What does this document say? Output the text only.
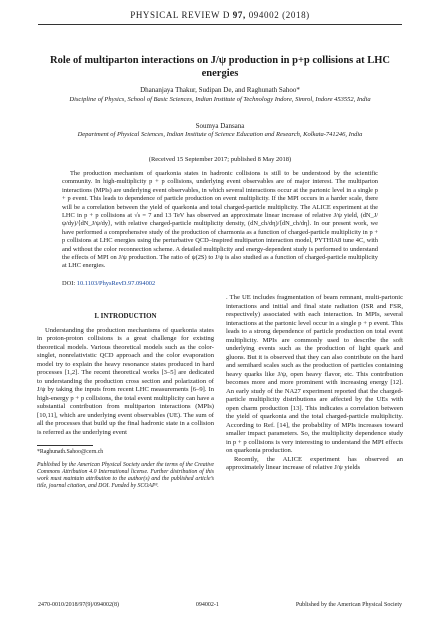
PHYSICAL REVIEW D 97, 094002 (2018)
Role of multiparton interactions on J/ψ production in p+p collisions at LHC energies
Dhananjaya Thakur, Sudipan De, and Raghunath Sahoo*
Discipline of Physics, School of Basic Sciences, Indian Institute of Technology Indore, Simrol, Indore 453552, India
Soumya Dansana
Department of Physical Sciences, Indian Institute of Science Education and Research, Kolkata-741246, India
(Received 15 September 2017; published 8 May 2018)
The production mechanism of quarkonia states in hadronic collisions is still to be understood by the scientific community. In high-multiplicity p + p collisions, underlying event observables are of major interest. The multiparton interactions (MPIs) are underlying event observables, in which several interactions occur at the partonic level in a single p + p event. This leads to dependence of particle production on event multiplicity. If the MPI occurs in a harder scale, there will be a correlation between the yield of quarkonia and total charged-particle multiplicity. The ALICE experiment at the LHC in p + p collisions at √s = 7 and 13 TeV has observed an approximate linear increase of relative J/ψ yield, (dN_J/ψ/dy)/⟨dN_J/ψ/dy⟩, with relative charged-particle multiplicity density, (dN_ch/dη)/⟨dN_ch/dη⟩. In our present work, we have performed a comprehensive study of the production of charmonia as a function of charged-particle multiplicity in p + p collisions at LHC energies using the perturbative QCD–inspired multiparton interaction model, PYTHIA8 tune 4C, with and without the color reconnection scheme. A detailed multiplicity and energy-dependent study is performed to understand the effects of MPI on J/ψ production. The ratio of ψ(2S) to J/ψ is also studied as a function of charged-particle multiplicity at LHC energies.
DOI: 10.1103/PhysRevD.97.094002

I. INTRODUCTION

Understanding the production mechanisms of quarkonia states in proton-proton collisions is a great challenge for existing theoretical models. Various theoretical models such as the color-singlet, nonrelativistic QCD approach and the color evaporation model try to explain the heavy resonance states produced in hard processes [1,2]. The recent theoretical works [3–5] are dedicated to understanding the production cross section and polarization of J/ψ by taking the inputs from recent LHC measurements [6–9]. In high-energy p + p collisions, the total event multiplicity can have a substantial contribution from multiparton interactions (MPIs) [10,11], which are underlying event observables (UE). The sum of all the processes that build up the final hadronic state in a collision is referred as the underlying event

*Raghunath.Sahoo@cern.ch

Published by the American Physical Society under the terms of the Creative Commons Attribution 4.0 International license. Further distribution of this work must maintain attribution to the author(s) and the published article’s title, journal citation, and DOI. Funded by SCOAP³.

. The UE includes fragmentation of beam remnant, multi-partonic interactions and initial and final state radiation (ISR and FSR, respectively) associated with each interaction. In MPIs, several interactions at the partonic level occur in a single p + p event. This leads to a strong dependence of particle production on total event multiplicity. MPIs are commonly used to describe the soft underlying events such as the production of light quark and gluons. But it is observed that they can also contribute on the hard and semihard scales such as the production of particles containing heavy quarks like J/ψ, open heavy flavor, etc. This contribution becomes more and more prominent with increasing energy [12]. An early study of the NA27 experiment reported that the charged-particle multiplicity distributions are affected by the UEs with open charm production [13]. This indicates a correlation between the yield of quarkonia and the total charged-particle multiplicity. According to Ref. [14], the probability of MPIs increases toward smaller impact parameters. So, the multiplicity dependence study in p + p collisions is very interesting to understand the MPI effects on quarkonia production.

Recently, the ALICE experiment has observed an approximately linear increase of relative J/ψ yields

2470-0010/2018/97(9)/094002(8)	094002-1	Published by the American Physical Society
